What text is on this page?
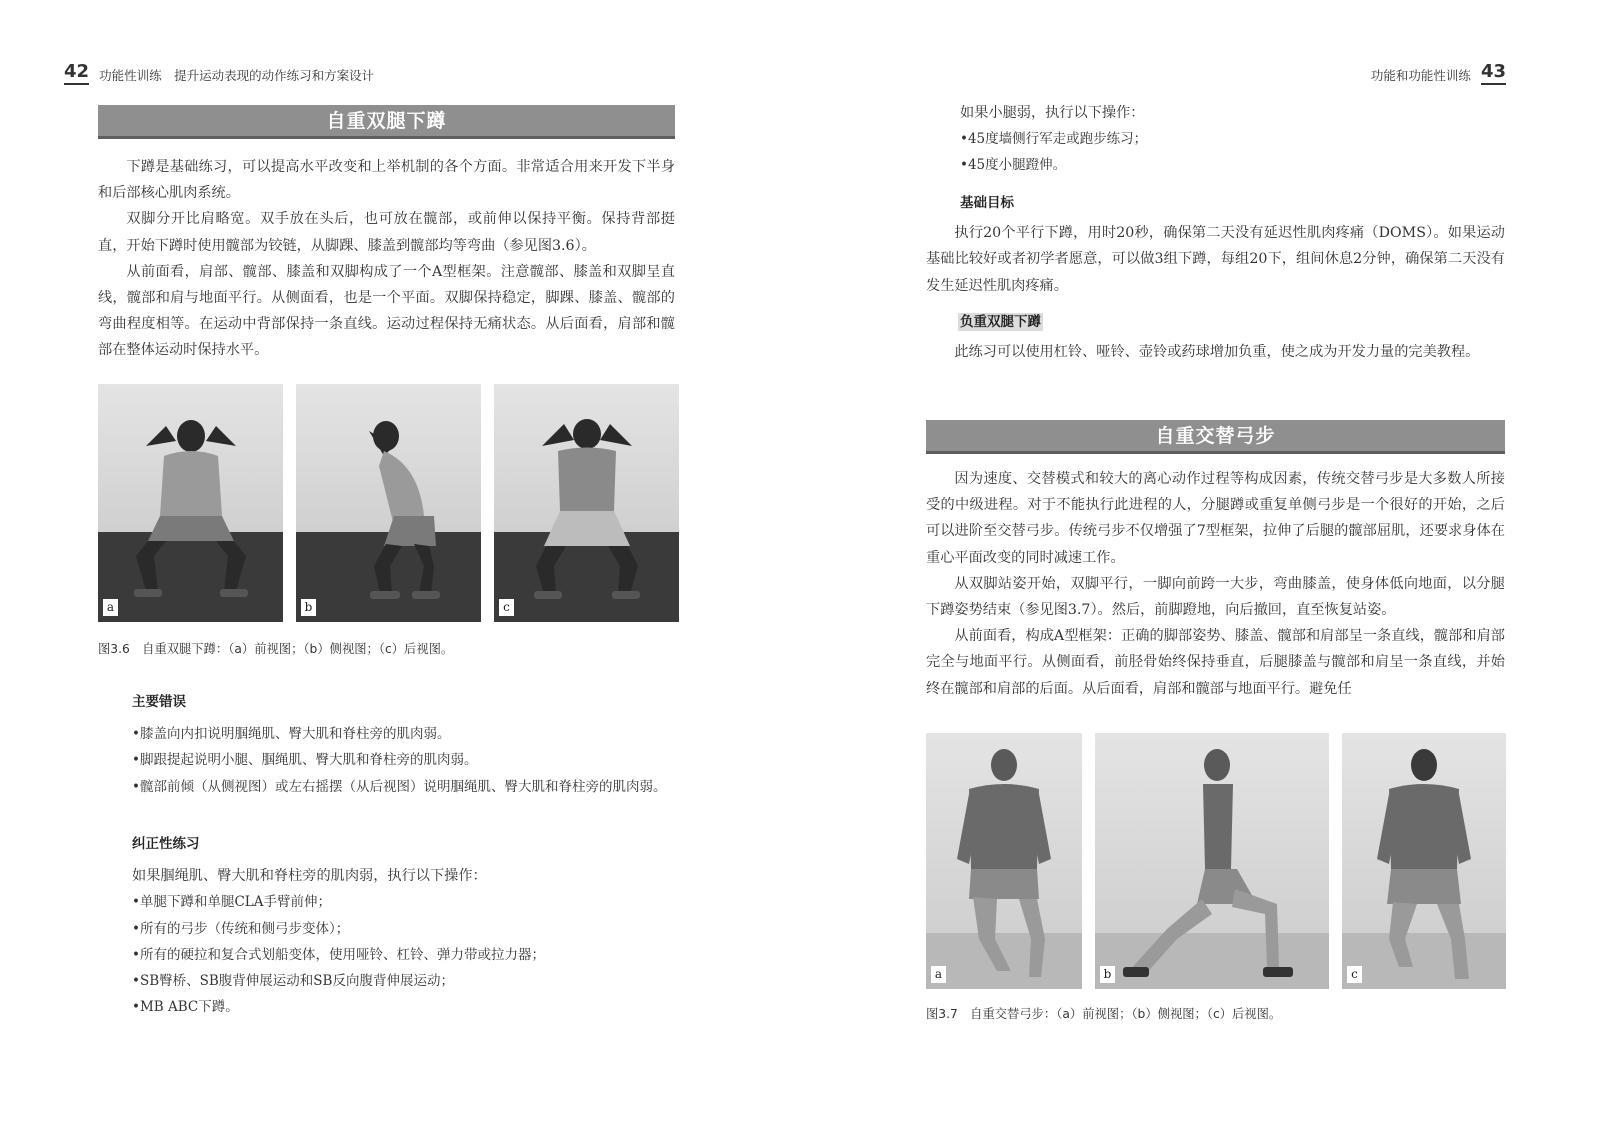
42 功能性训练　提升运动表现的动作练习和方案设计
自重双腿下蹲

下蹲是基础练习，可以提高水平改变和上举机制的各个方面。非常适合用来开发下半身和后部核心肌肉系统。

双脚分开比肩略宽。双手放在头后，也可放在髋部，或前伸以保持平衡。保持背部挺直，开始下蹲时使用髋部为铰链，从脚踝、膝盖到髋部均等弯曲（参见图3.6）。

从前面看，肩部、髋部、膝盖和双脚构成了一个A型框架。注意髋部、膝盖和双脚呈直线，髋部和肩与地面平行。从侧面看，也是一个平面。双脚保持稳定，脚踝、膝盖、髋部的弯曲程度相等。在运动中背部保持一条直线。运动过程保持无痛状态。从后面看，肩部和髋部在整体运动时保持水平。

a	b	c
图3.6　自重双腿下蹲：（a）前视图；（b）侧视图；（c）后视图。

主要错误

•膝盖向内扣说明腘绳肌、臀大肌和脊柱旁的肌肉弱。

•脚跟提起说明小腿、腘绳肌、臀大肌和脊柱旁的肌肉弱。

•髋部前倾（从侧视图）或左右摇摆（从后视图）说明腘绳肌、臀大肌和脊柱旁的肌肉弱。

纠正性练习

如果腘绳肌、臀大肌和脊柱旁的肌肉弱，执行以下操作：

•单腿下蹲和单腿CLA手臂前伸；

•所有的弓步（传统和侧弓步变体）；

•所有的硬拉和复合式划船变体，使用哑铃、杠铃、弹力带或拉力器；

•SB臀桥、SB腹背伸展运动和SB反向腹背伸展运动；

•MB ABC下蹲。

功能和功能性训练 43

如果小腿弱，执行以下操作：

•45度墙侧行军走或跑步练习；

•45度小腿蹬伸。

基础目标

执行20个平行下蹲，用时20秒，确保第二天没有延迟性肌肉疼痛（DOMS）。如果运动基础比较好或者初学者愿意，可以做3组下蹲，每组20下，组间休息2分钟，确保第二天没有发生延迟性肌肉疼痛。

负重双腿下蹲

此练习可以使用杠铃、哑铃、壶铃或药球增加负重，使之成为开发力量的完美教程。

自重交替弓步

因为速度、交替模式和较大的离心动作过程等构成因素，传统交替弓步是大多数人所接受的中级进程。对于不能执行此进程的人，分腿蹲或重复单侧弓步是一个很好的开始，之后可以进阶至交替弓步。传统弓步不仅增强了7型框架，拉伸了后腿的髋部屈肌，还要求身体在重心平面改变的同时减速工作。

从双脚站姿开始，双脚平行，一脚向前跨一大步，弯曲膝盖，使身体低向地面，以分腿下蹲姿势结束（参见图3.7）。然后，前脚蹬地，向后撤回，直至恢复站姿。

从前面看，构成A型框架：正确的脚部姿势、膝盖、髋部和肩部呈一条直线，髋部和肩部完全与地面平行。从侧面看，前胫骨始终保持垂直，后腿膝盖与髋部和肩呈一条直线，并始终在髋部和肩部的后面。从后面看，肩部和髋部与地面平行。避免任

a	b	c
图3.7　自重交替弓步：（a）前视图；（b）侧视图；（c）后视图。
